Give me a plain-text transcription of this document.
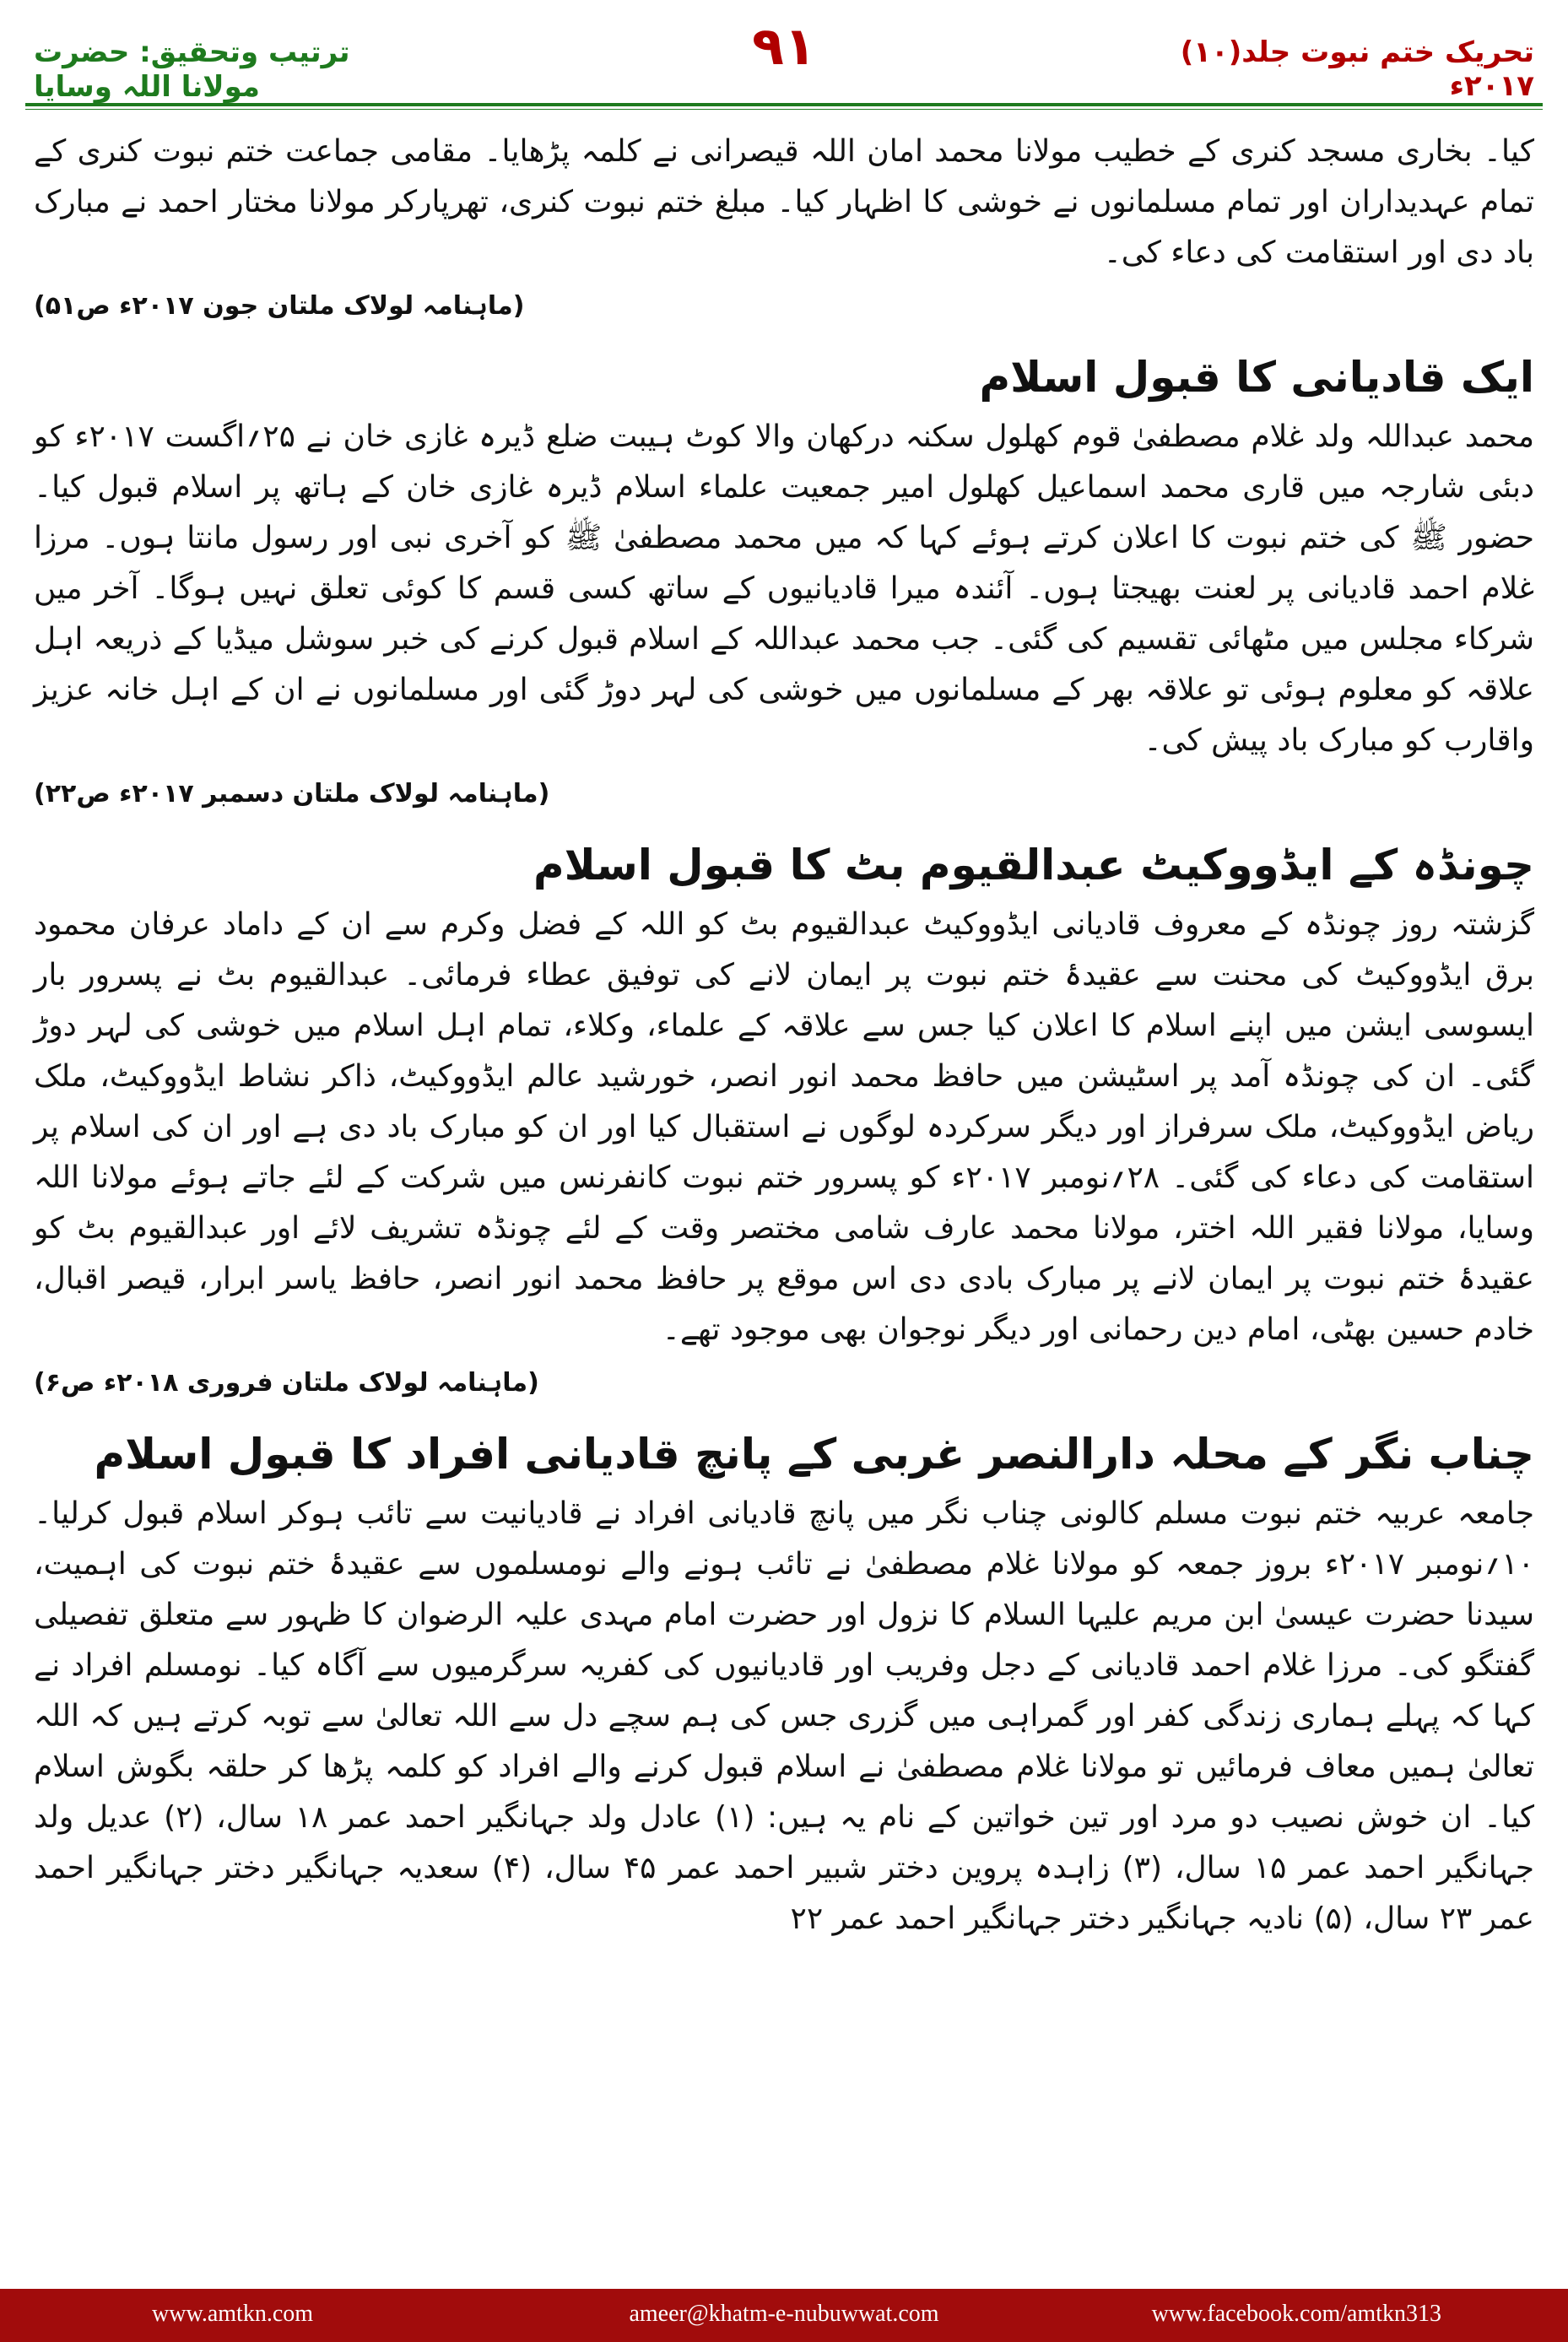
ترتیب وتحقیق: حضرت مولانا اللہ وسایا
۹۱	تحریک ختم نبوت جلد(۱۰) ۲۰۱۷ء

کیا۔ بخاری مسجد کنری کے خطیب مولانا محمد امان اللہ قیصرانی نے کلمہ پڑھایا۔ مقامی جماعت ختم نبوت کنری کے تمام عہدیداران اور تمام مسلمانوں نے خوشی کا اظہار کیا۔ مبلغ ختم نبوت کنری، تھرپارکر مولانا مختار احمد نے مبارک باد دی اور استقامت کی دعاء کی۔

(ماہنامہ لولاک ملتان جون ۲۰۱۷ء ص۵۱)
ایک قادیانی کا قبول اسلام

محمد عبداللہ ولد غلام مصطفیٰ قوم کھلول سکنہ درکھان والا کوٹ ہیبت ضلع ڈیرہ غازی خان نے ۲۵؍اگست ۲۰۱۷ء کو دبئی شارجہ میں قاری محمد اسماعیل کھلول امیر جمعیت علماء اسلام ڈیرہ غازی خان کے ہاتھ پر اسلام قبول کیا۔ حضور ﷺ کی ختم نبوت کا اعلان کرتے ہوئے کہا کہ میں محمد مصطفیٰ ﷺ کو آخری نبی اور رسول مانتا ہوں۔ مرزا غلام احمد قادیانی پر لعنت بھیجتا ہوں۔ آئندہ میرا قادیانیوں کے ساتھ کسی قسم کا کوئی تعلق نہیں ہوگا۔ آخر میں شرکاء مجلس میں مٹھائی تقسیم کی گئی۔ جب محمد عبداللہ کے اسلام قبول کرنے کی خبر سوشل میڈیا کے ذریعہ اہل علاقہ کو معلوم ہوئی تو علاقہ بھر کے مسلمانوں میں خوشی کی لہر دوڑ گئی اور مسلمانوں نے ان کے اہل خانہ عزیز واقارب کو مبارک باد پیش کی۔

(ماہنامہ لولاک ملتان دسمبر ۲۰۱۷ء ص۲۲)
چونڈہ کے ایڈووکیٹ عبدالقیوم بٹ کا قبول اسلام

گزشتہ روز چونڈہ کے معروف قادیانی ایڈووکیٹ عبدالقیوم بٹ کو اللہ کے فضل وکرم سے ان کے داماد عرفان محمود برق ایڈووکیٹ کی محنت سے عقیدۂ ختم نبوت پر ایمان لانے کی توفیق عطاء فرمائی۔ عبدالقیوم بٹ نے پسرور بار ایسوسی ایشن میں اپنے اسلام کا اعلان کیا جس سے علاقہ کے علماء، وکلاء، تمام اہل اسلام میں خوشی کی لہر دوڑ گئی۔ ان کی چونڈہ آمد پر اسٹیشن میں حافظ محمد انور انصر، خورشید عالم ایڈووکیٹ، ذاکر نشاط ایڈووکیٹ، ملک ریاض ایڈووکیٹ، ملک سرفراز اور دیگر سرکردہ لوگوں نے استقبال کیا اور ان کو مبارک باد دی ہے اور ان کی اسلام پر استقامت کی دعاء کی گئی۔ ۲۸؍نومبر ۲۰۱۷ء کو پسرور ختم نبوت کانفرنس میں شرکت کے لئے جاتے ہوئے مولانا اللہ وسایا، مولانا فقیر اللہ اختر، مولانا محمد عارف شامی مختصر وقت کے لئے چونڈہ تشریف لائے اور عبدالقیوم بٹ کو عقیدۂ ختم نبوت پر ایمان لانے پر مبارک بادی دی اس موقع پر حافظ محمد انور انصر، حافظ یاسر ابرار، قیصر اقبال، خادم حسین بھٹی، امام دین رحمانی اور دیگر نوجوان بھی موجود تھے۔

(ماہنامہ لولاک ملتان فروری ۲۰۱۸ء ص۶)
چناب نگر کے محلہ دارالنصر غربی کے پانچ قادیانی افراد کا قبول اسلام

جامعہ عربیہ ختم نبوت مسلم کالونی چناب نگر میں پانچ قادیانی افراد نے قادیانیت سے تائب ہوکر اسلام قبول کرلیا۔ ۱۰؍نومبر ۲۰۱۷ء بروز جمعہ کو مولانا غلام مصطفیٰ نے تائب ہونے والے نومسلموں سے عقیدۂ ختم نبوت کی اہمیت، سیدنا حضرت عیسیٰ ابن مریم علیہا السلام کا نزول اور حضرت امام مہدی علیہ الرضوان کا ظہور سے متعلق تفصیلی گفتگو کی۔ مرزا غلام احمد قادیانی کے دجل وفریب اور قادیانیوں کی کفریہ سرگرمیوں سے آگاہ کیا۔ نومسلم افراد نے کہا کہ پہلے ہماری زندگی کفر اور گمراہی میں گزری جس کی ہم سچے دل سے اللہ تعالیٰ سے توبہ کرتے ہیں کہ اللہ تعالیٰ ہمیں معاف فرمائیں تو مولانا غلام مصطفیٰ نے اسلام قبول کرنے والے افراد کو کلمہ پڑھا کر حلقہ بگوش اسلام کیا۔ ان خوش نصیب دو مرد اور تین خواتین کے نام یہ ہیں: (۱) عادل ولد جہانگیر احمد عمر ۱۸ سال، (۲) عدیل ولد جہانگیر احمد عمر ۱۵ سال، (۳) زاہدہ پروین دختر شبیر احمد عمر ۴۵ سال، (۴) سعدیہ جہانگیر دختر جہانگیر احمد عمر ۲۳ سال، (۵) نادیہ جہانگیر دختر جہانگیر احمد عمر ۲۲

www.amtkn.com	ameer@khatm-e-nubuwwat.com	www.facebook.com/amtkn313
